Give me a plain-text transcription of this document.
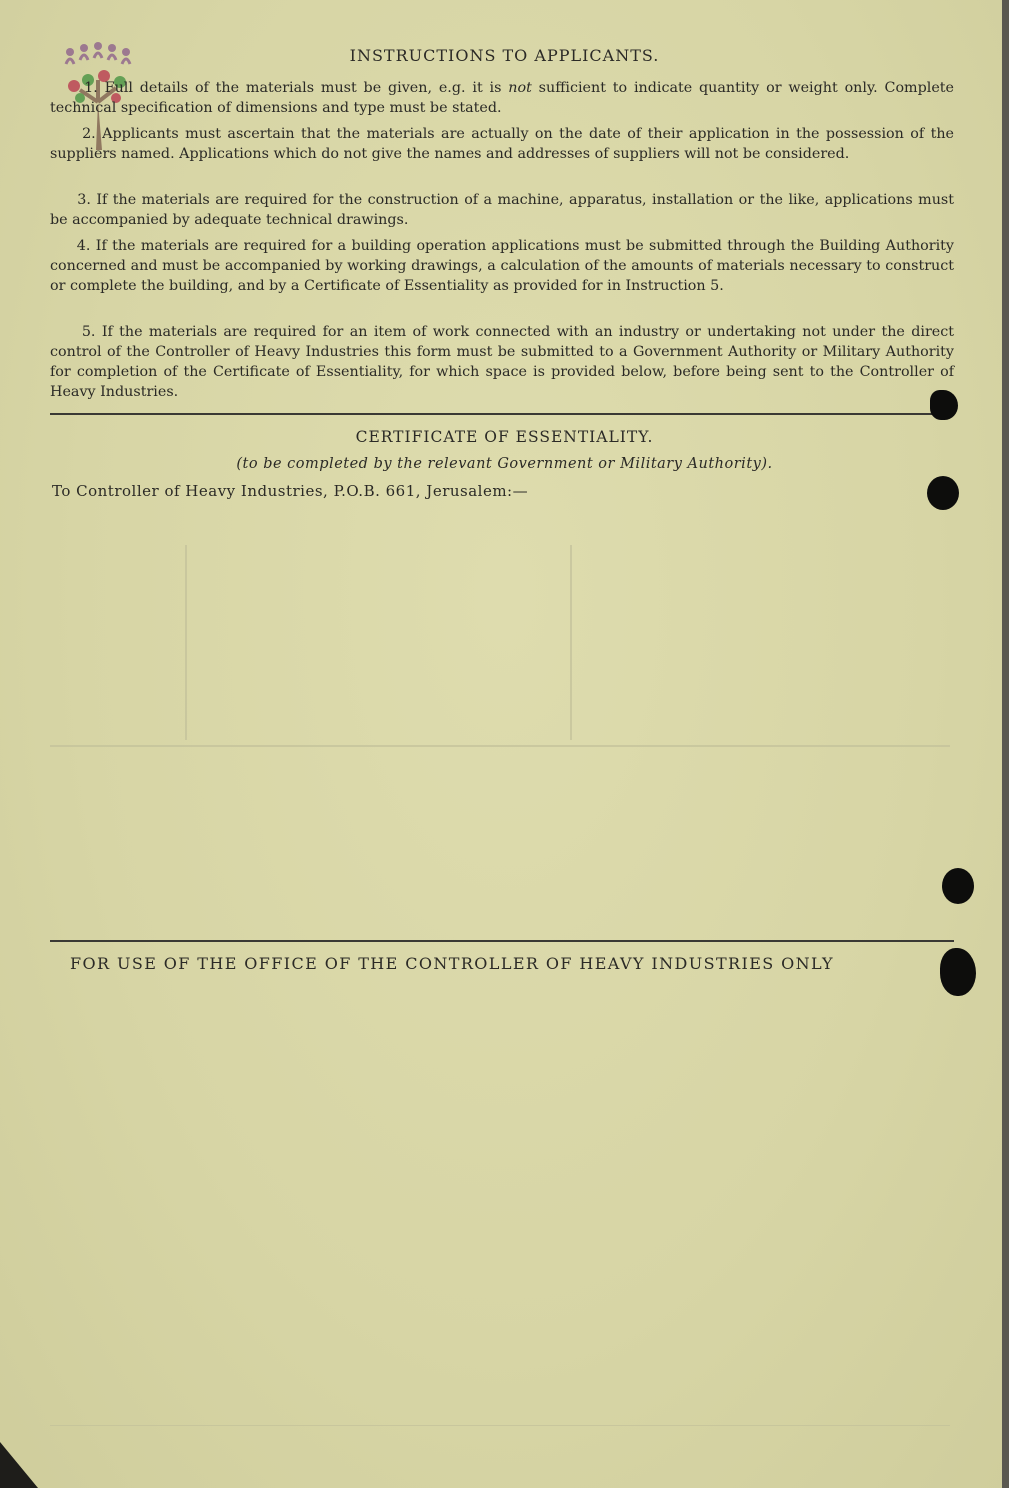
INSTRUCTIONS TO APPLICANTS.

1. Full details of the materials must be given, e.g. it is not sufficient to indicate quantity or weight only. Complete technical specification of dimensions and type must be stated.

2. Applicants must ascertain that the materials are actually on the date of their application in the possession of the suppliers named. Applications which do not give the names and addresses of suppliers will not be considered.

3. If the materials are required for the construction of a machine, apparatus, installation or the like, applications must be accompanied by adequate technical drawings.

4. If the materials are required for a building operation applications must be submitted through the Building Authority concerned and must be accompanied by working drawings, a calculation of the amounts of materials necessary to construct or complete the building, and by a Certificate of Essentiality as provided for in Instruction 5.

5. If the materials are required for an item of work connected with an industry or undertaking not under the direct control of the Controller of Heavy Industries this form must be submitted to a Government Authority or Military Authority for completion of the Certificate of Essentiality, for which space is provided below, before being sent to the Controller of Heavy Industries.

CERTIFICATE OF ESSENTIALITY.
(to be completed by the relevant Government or Military Authority).
To Controller of Heavy Industries, P.O.B. 661, Jerusalem:—
FOR USE OF THE OFFICE OF THE CONTROLLER OF HEAVY INDUSTRIES ONLY
